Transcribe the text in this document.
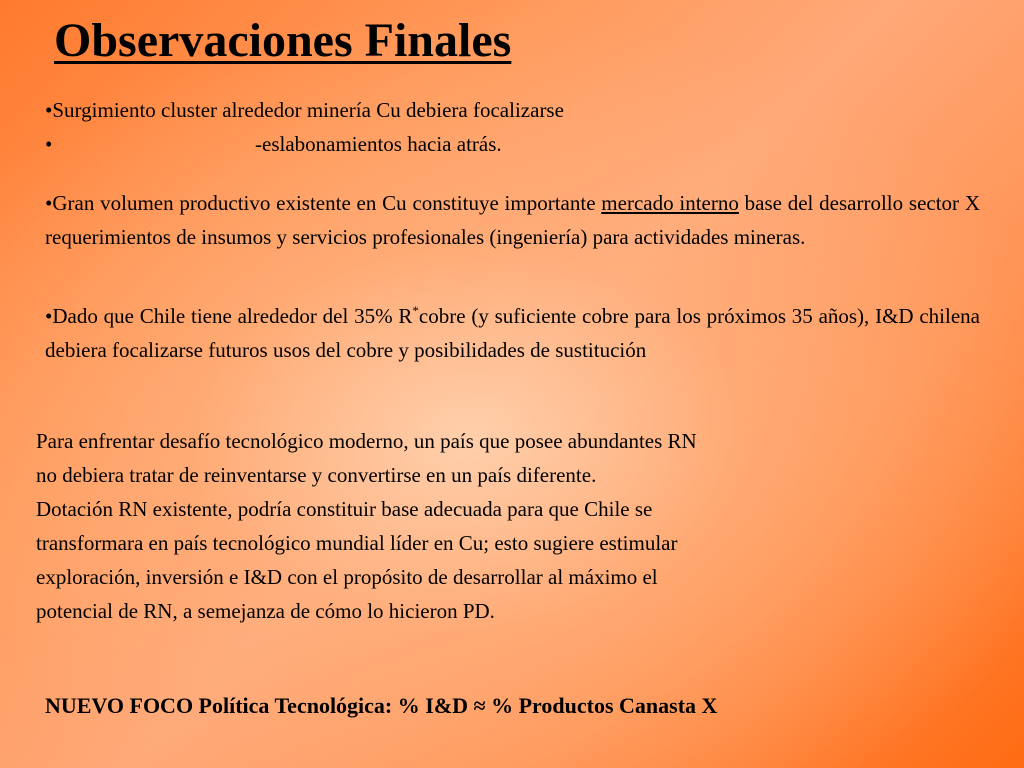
Observaciones Finales
•Surgimiento cluster alrededor minería Cu debiera focalizarse
•	-eslabonamientos hacia atrás.

•Gran volumen productivo existente en Cu constituye importante mercado interno base del desarrollo sector X requerimientos de insumos y servicios profesionales (ingeniería) para actividades mineras.

•Dado que Chile tiene alrededor del 35% R*cobre (y suficiente cobre para los próximos 35 años), I&D chilena debiera focalizarse futuros usos del cobre y posibilidades de sustitución

Para enfrentar desafío tecnológico moderno, un país que posee abundantes RN
no debiera tratar de reinventarse y convertirse en un país diferente.
Dotación RN existente, podría constituir base adecuada para que Chile se
transformara en país tecnológico mundial líder en Cu; esto sugiere estimular
exploración, inversión e I&D con el propósito de desarrollar al máximo el
potencial de RN, a semejanza de cómo lo hicieron PD.

NUEVO FOCO Política Tecnológica: % I&D ≈ % Productos Canasta X
